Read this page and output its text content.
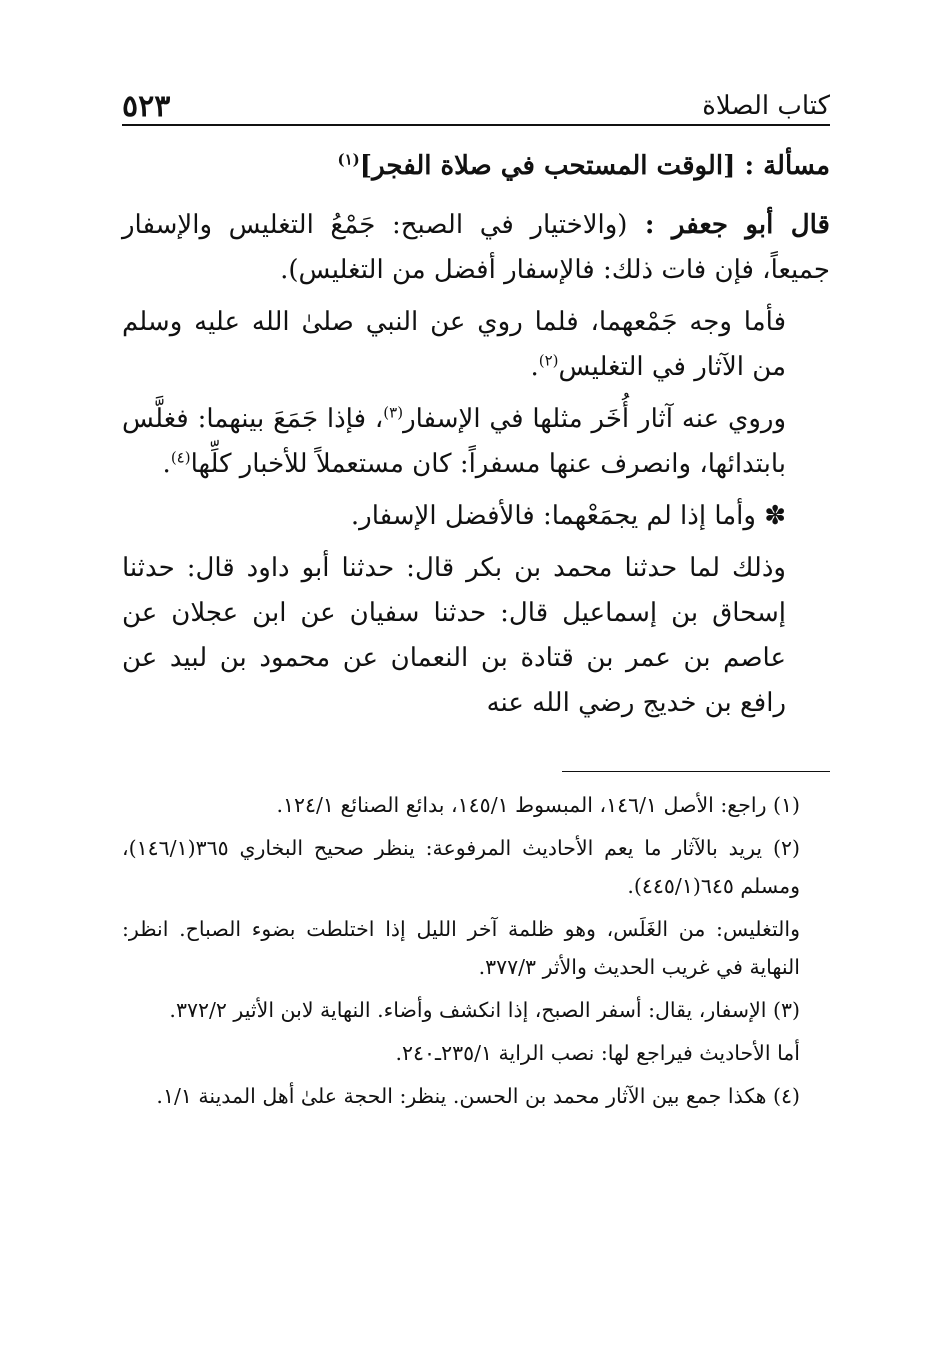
كتاب الصلاة
٥٢٣

مسألة : [الوقت المستحب في صلاة الفجر]$^{(١)}$

قال أبو جعفر : (والاختيار في الصبح: جَمْعُ التغليس والإسفار جميعاً، فإن فات ذلك: فالإسفار أفضل من التغليس).

فأما وجه جَمْعهما، فلما روي عن النبي صلىٰ الله عليه وسلم من الآثار في التغليس$^{(٢)}$.

وروي عنه آثار أُخَر مثلها في الإسفار$^{(٣)}$، فإذا جَمَعَ بينهما: فغلَّس بابتدائها، وانصرف عنها مسفراً: كان مستعملاً للأخبار كلِّها$^{(٤)}$.

✽ وأما إذا لم يجمَعْهما: فالأفضل الإسفار.

وذلك لما حدثنا محمد بن بكر قال: حدثنا أبو داود قال: حدثنا إسحاق بن إسماعيل قال: حدثنا سفيان عن ابن عجلان عن عاصم بن عمر بن قتادة بن النعمان عن محمود بن لبيد عن رافع بن خديج رضي الله عنه

(١) راجع: الأصل ١٤٦/١، المبسوط ١٤٥/١، بدائع الصنائع ١٢٤/١.

(٢) يريد بالآثار ما يعم الأحاديث المرفوعة: ينظر صحيح البخاري ٣٦٥(١٤٦/١)، ومسلم ٦٤٥(٤٤٥/١).

والتغليس: من الغَلَس، وهو ظلمة آخر الليل إذا اختلطت بضوء الصباح. انظر: النهاية في غريب الحديث والأثر ٣٧٧/٣.

(٣) الإسفار، يقال: أسفر الصبح، إذا انكشف وأضاء. النهاية لابن الأثير ٣٧٢/٢.

أما الأحاديث فيراجع لها: نصب الراية ٢٣٥/١ـ٢٤٠.

(٤) هكذا جمع بين الآثار محمد بن الحسن. ينظر: الحجة علىٰ أهل المدينة ١/١.
